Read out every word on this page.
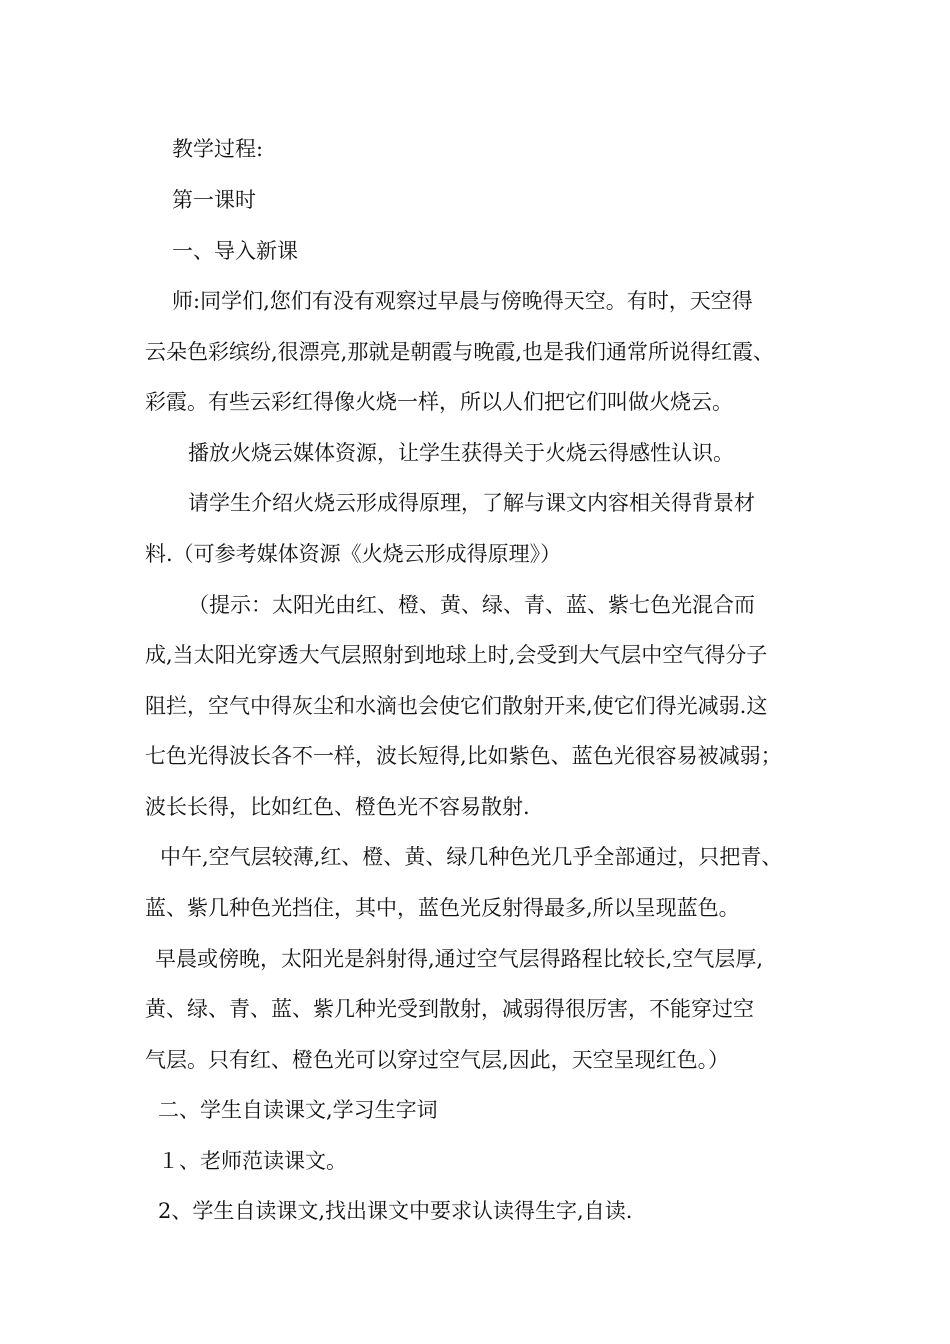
教学过程:
第一课时
一、导入新课
师:同学们,您们有没有观察过早晨与傍晚得天空。有时，天空得
云朵色彩缤纷,很漂亮,那就是朝霞与晚霞,也是我们通常所说得红霞、
彩霞。有些云彩红得像火烧一样，所以人们把它们叫做火烧云。
播放火烧云媒体资源，让学生获得关于火烧云得感性认识。
请学生介绍火烧云形成得原理，了解与课文内容相关得背景材
料.（可参考媒体资源《火烧云形成得原理》）
（提示：太阳光由红、橙、黄、绿、青、蓝、紫七色光混合而
成,当太阳光穿透大气层照射到地球上时,会受到大气层中空气得分子
阻拦，空气中得灰尘和水滴也会使它们散射开来,使它们得光减弱.这
七色光得波长各不一样，波长短得,比如紫色、蓝色光很容易被减弱；
波长长得，比如红色、橙色光不容易散射.
中午,空气层较薄,红、橙、黄、绿几种色光几乎全部通过，只把青、
蓝、紫几种色光挡住，其中，蓝色光反射得最多,所以呈现蓝色。
早晨或傍晚，太阳光是斜射得,通过空气层得路程比较长,空气层厚,
黄、绿、青、蓝、紫几种光受到散射，减弱得很厉害，不能穿过空
气层。只有红、橙色光可以穿过空气层,因此，天空呈现红色。）
二、学生自读课文,学习生字词
１、老师范读课文。
2、学生自读课文,找出课文中要求认读得生字,自读.
